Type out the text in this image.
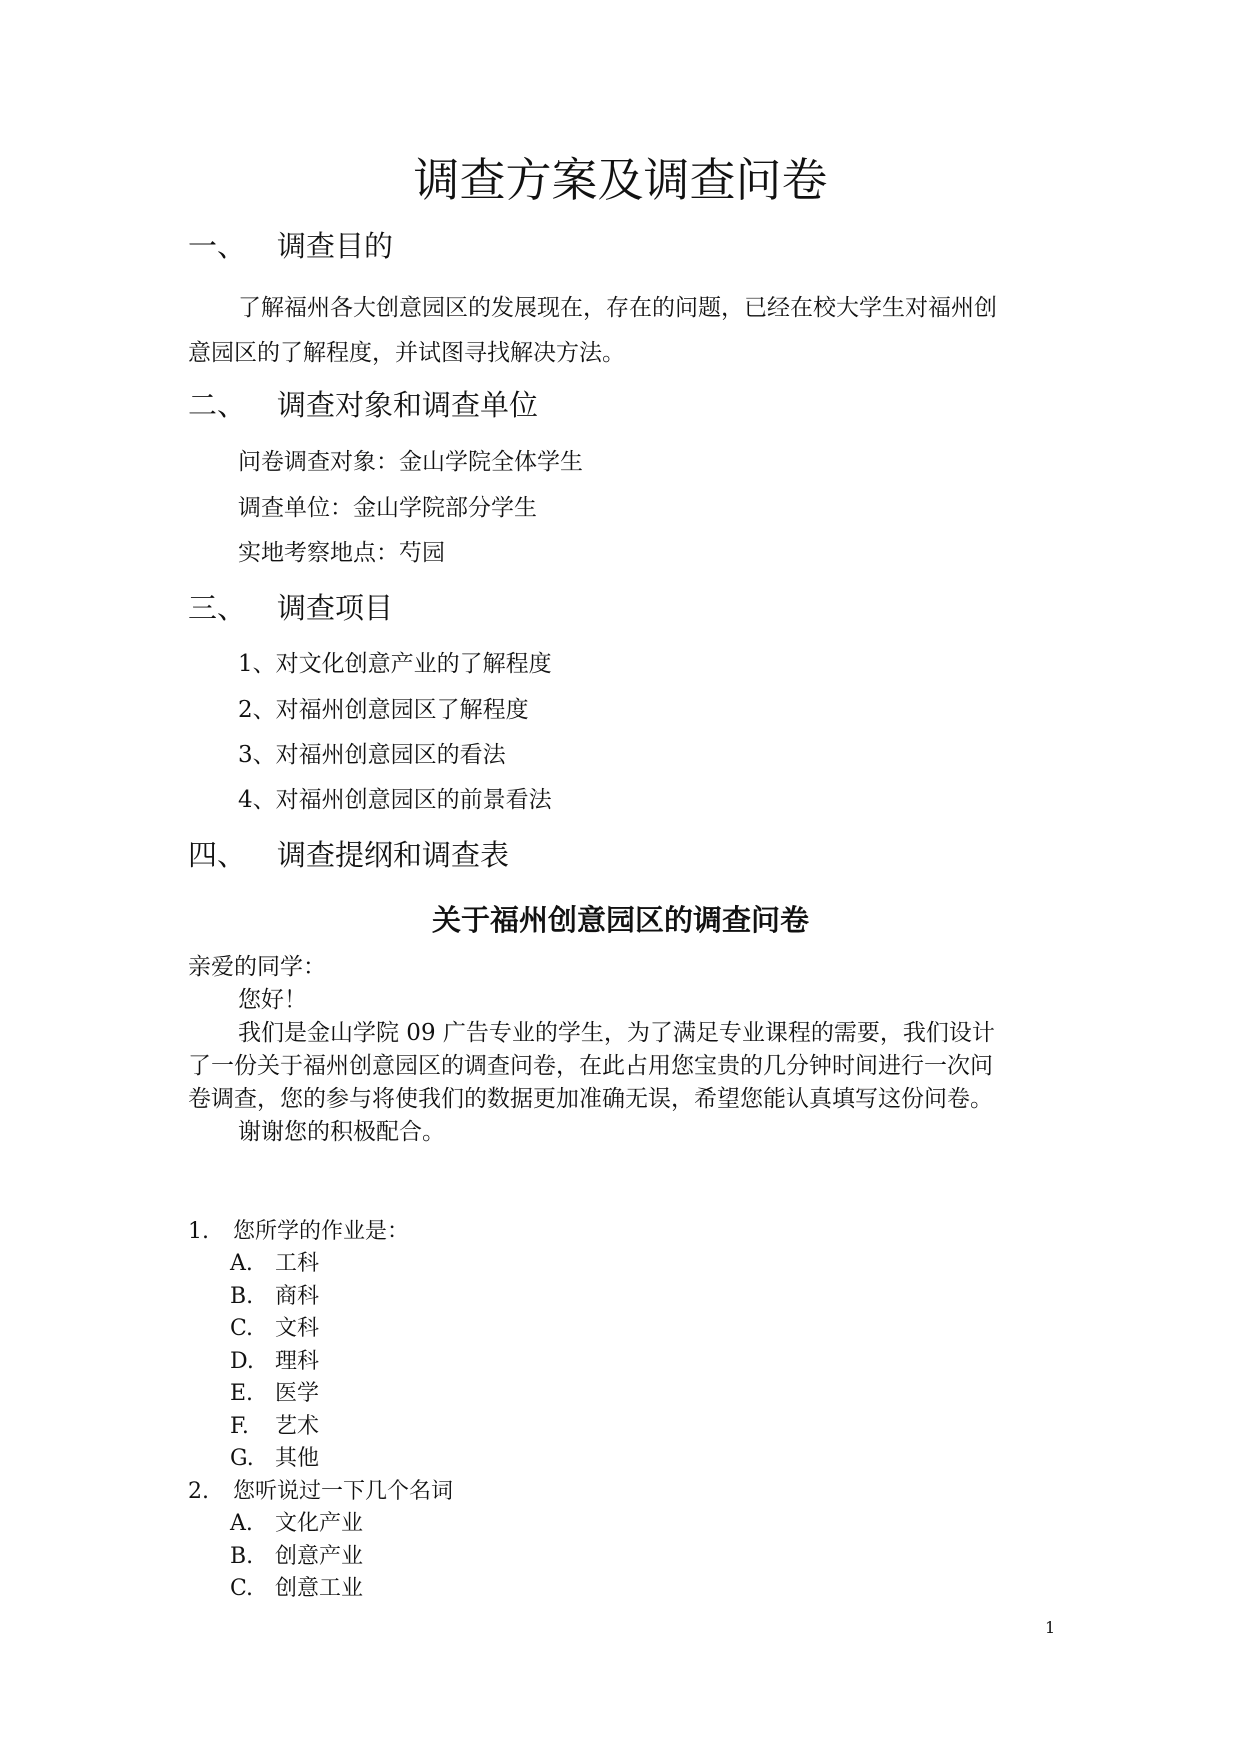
调查方案及调查问卷
一、 调查目的
了解福州各大创意园区的发展现在，存在的问题，已经在校大学生对福州创
意园区的了解程度，并试图寻找解决方法。
二、 调查对象和调查单位
问卷调查对象：金山学院全体学生
调查单位：金山学院部分学生
实地考察地点：芍园
三、 调查项目
1、对文化创意产业的了解程度
2、对福州创意园区了解程度
3、对福州创意园区的看法
4、对福州创意园区的前景看法
四、 调查提纲和调查表
关于福州创意园区的调查问卷
亲爱的同学：
您好！
我们是金山学院 09 广告专业的学生，为了满足专业课程的需要，我们设计
了一份关于福州创意园区的调查问卷，在此占用您宝贵的几分钟时间进行一次问
卷调查，您的参与将使我们的数据更加准确无误，希望您能认真填写这份问卷。
谢谢您的积极配合。
1. 您所学的作业是：
A. 工科
B. 商科
C. 文科
D. 理科
E. 医学
F. 艺术
G. 其他
2. 您听说过一下几个名词
A. 文化产业
B. 创意产业
C. 创意工业
1
